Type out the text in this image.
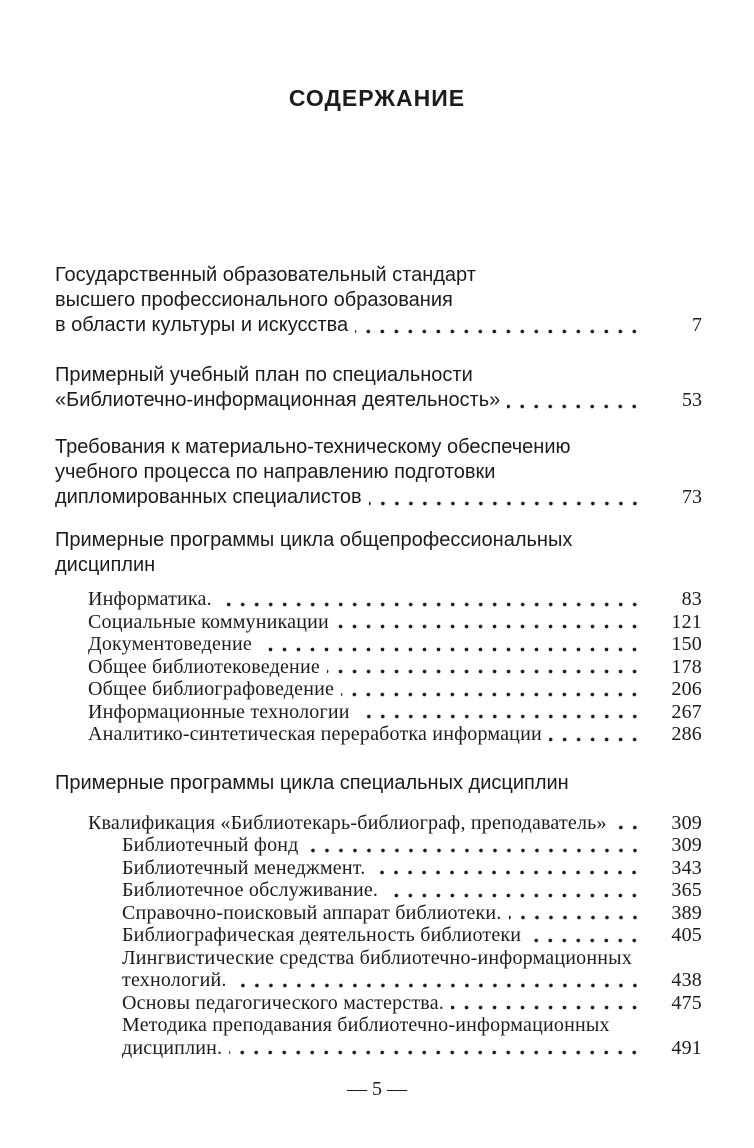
СОДЕРЖАНИЕ
Государственный образовательный стандарт
высшего профессионального образования
в области культуры и искусства	7
Примерный учебный план по специальности
«Библиотечно-информационная деятельность»	53
Требования к материально-техническому обеспечению
учебного процесса по направлению подготовки
дипломированных специалистов	73
Примерные программы цикла общепрофессиональных
дисциплин
Информатика.	83
Социальные коммуникации	121
Документоведение	150
Общее библиотековедение	178
Общее библиографоведение	206
Информационные технологии	267
Аналитико-синтетическая переработка информации	286
Примерные программы цикла специальных дисциплин
Квалификация «Библиотекарь-библиограф, преподаватель»	309
Библиотечный фонд	309
Библиотечный менеджмент.	343
Библиотечное обслуживание.	365
Справочно-поисковый аппарат библиотеки.	389
Библиографическая деятельность библиотеки	405
Лингвистические средства библиотечно-информационных
технологий.	438
Основы педагогического мастерства.	475
Методика преподавания библиотечно-информационных
дисциплин.	491
— 5 —
